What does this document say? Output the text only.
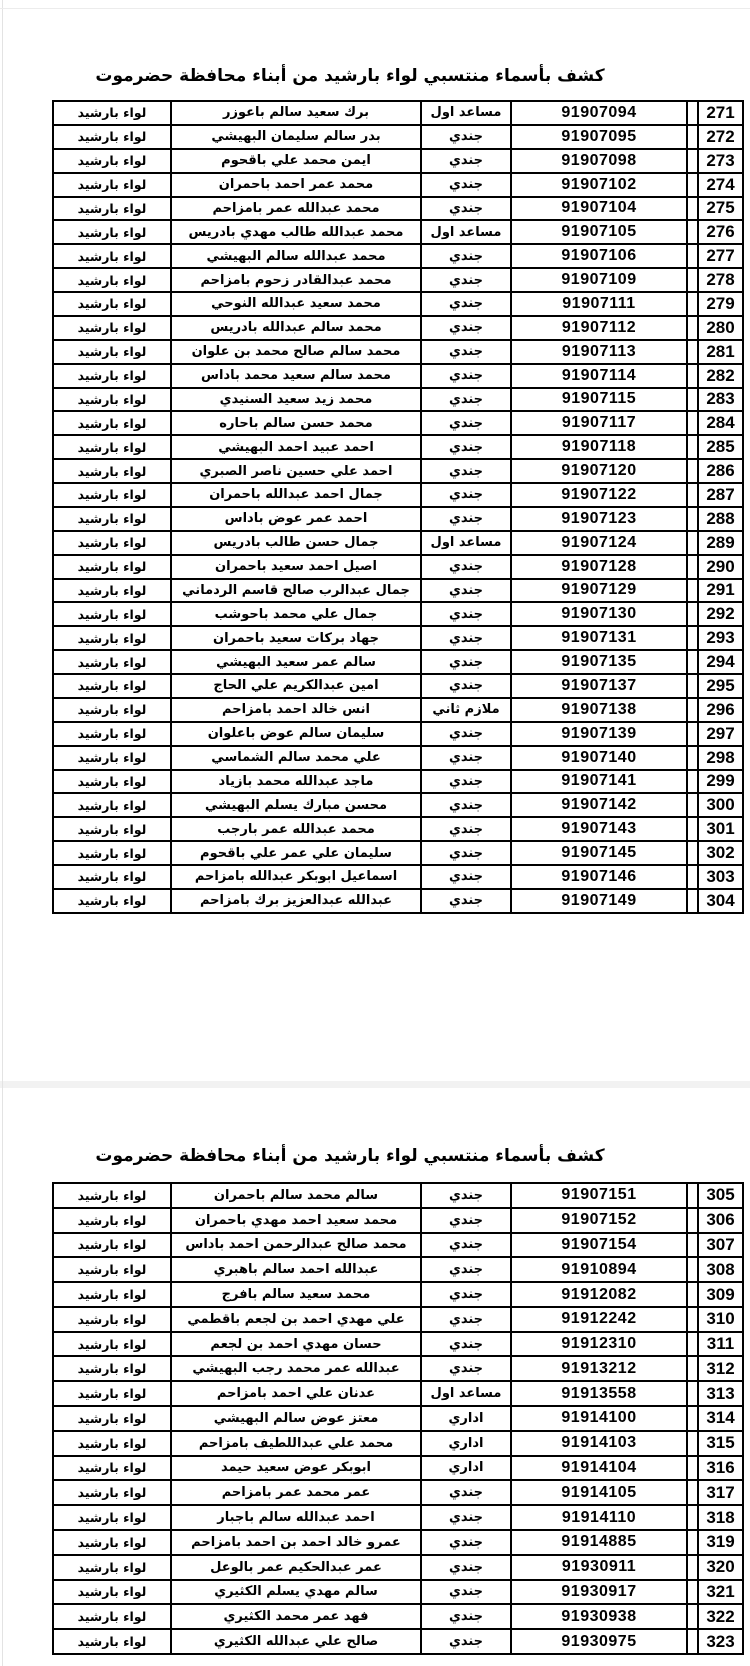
كشف بأسماء منتسبي لواء بارشيد من أبناء محافظة حضرموت
271		91907094	مساعد اول	برك سعيد سالم باعوزر	لواء بارشيد
272		91907095	جندي	بدر سالم سليمان البهيشي	لواء بارشيد
273		91907098	جندي	ايمن محمد علي باقحوم	لواء بارشيد
274		91907102	جندي	محمد عمر احمد باحمران	لواء بارشيد
275		91907104	جندي	محمد عبدالله عمر بامزاحم	لواء بارشيد
276		91907105	مساعد اول	محمد عبدالله طالب مهدي بادريس	لواء بارشيد
277		91907106	جندي	محمد عبدالله سالم البهيشي	لواء بارشيد
278		91907109	جندي	محمد عبدالقادر زحوم بامزاحم	لواء بارشيد
279		91907111	جندي	محمد سعيد عبدالله النوحي	لواء بارشيد
280		91907112	جندي	محمد سالم عبدالله بادريس	لواء بارشيد
281		91907113	جندي	محمد سالم صالح محمد بن علوان	لواء بارشيد
282		91907114	جندي	محمد سالم سعيد محمد باداس	لواء بارشيد
283		91907115	جندي	محمد زيد سعيد السنيدي	لواء بارشيد
284		91907117	جندي	محمد حسن سالم باحاره	لواء بارشيد
285		91907118	جندي	احمد عبيد احمد البهيشي	لواء بارشيد
286		91907120	جندي	احمد علي حسين ناصر الصبري	لواء بارشيد
287		91907122	جندي	جمال احمد عبدالله باحمران	لواء بارشيد
288		91907123	جندي	احمد عمر عوض باداس	لواء بارشيد
289		91907124	مساعد اول	جمال حسن طالب بادريس	لواء بارشيد
290		91907128	جندي	اصيل احمد سعيد باحمران	لواء بارشيد
291		91907129	جندي	جمال عبدالرب صالح قاسم الردماني	لواء بارشيد
292		91907130	جندي	جمال علي محمد باحوشب	لواء بارشيد
293		91907131	جندي	جهاد بركات سعيد باحمران	لواء بارشيد
294		91907135	جندي	سالم عمر سعيد البهيشي	لواء بارشيد
295		91907137	جندي	امين عبدالكريم علي الحاج	لواء بارشيد
296		91907138	ملازم ثاني	انس خالد احمد بامزاحم	لواء بارشيد
297		91907139	جندي	سليمان سالم عوض باعلوان	لواء بارشيد
298		91907140	جندي	علي محمد سالم الشماسي	لواء بارشيد
299		91907141	جندي	ماجد عبدالله محمد بازياد	لواء بارشيد
300		91907142	جندي	محسن مبارك يسلم البهيشي	لواء بارشيد
301		91907143	جندي	محمد عبدالله عمر بارجب	لواء بارشيد
302		91907145	جندي	سليمان علي عمر علي باقحوم	لواء بارشيد
303		91907146	جندي	اسماعيل ابوبكر عبدالله بامزاحم	لواء بارشيد
304		91907149	جندي	عبدالله عبدالعزيز برك بامزاحم	لواء بارشيد
كشف بأسماء منتسبي لواء بارشيد من أبناء محافظة حضرموت
305		91907151	جندي	سالم محمد سالم باحمران	لواء بارشيد
306		91907152	جندي	محمد سعيد احمد مهدي باحمران	لواء بارشيد
307		91907154	جندي	محمد صالح عبدالرحمن احمد باداس	لواء بارشيد
308		91910894	جندي	عبدالله احمد سالم باهبري	لواء بارشيد
309		91912082	جندي	محمد سعيد سالم بافرج	لواء بارشيد
310		91912242	جندي	علي مهدي احمد بن لجعم باقطمي	لواء بارشيد
311		91912310	جندي	حسان مهدي احمد بن لجعم	لواء بارشيد
312		91913212	جندي	عبدالله عمر محمد رجب البهيشي	لواء بارشيد
313		91913558	مساعد اول	عدنان علي احمد بامزاحم	لواء بارشيد
314		91914100	اداري	معتز عوض سالم البهيشي	لواء بارشيد
315		91914103	اداري	محمد علي عبداللطيف بامزاحم	لواء بارشيد
316		91914104	اداري	ابوبكر عوض سعيد حيمد	لواء بارشيد
317		91914105	جندي	عمر محمد عمر بامزاحم	لواء بارشيد
318		91914110	جندي	احمد عبدالله سالم باجبار	لواء بارشيد
319		91914885	جندي	عمرو خالد احمد بن احمد بامزاحم	لواء بارشيد
320		91930911	جندي	عمر عبدالحكيم عمر بالوعل	لواء بارشيد
321		91930917	جندي	سالم مهدي يسلم الكثيري	لواء بارشيد
322		91930938	جندي	فهد عمر محمد الكثيري	لواء بارشيد
323		91930975	جندي	صالح علي عبدالله الكثيري	لواء بارشيد
